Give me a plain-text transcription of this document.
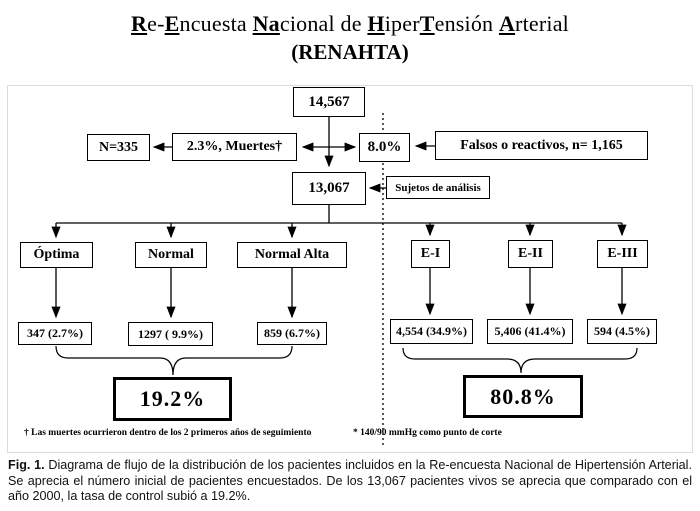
Re-Encuesta Nacional de HiperTensión Arterial
(RENAHTA)
14,567
N=335	2.3%, Muertes†	8.0%	Falsos o reactivos, n= 1,165
13,067	Sujetos de análisis
Óptima	Normal	Normal Alta	E-I	E-II	E-III
347 (2.7%)	1297 ( 9.9%)	859 (6.7%)	4,554 (34.9%)	5,406 (41.4%)	594 (4.5%)
19.2%	80.8%
† Las muertes ocurrieron dentro de los 2 primeros años de seguimiento	* 140/90 mmHg como punto de corte
Fig. 1. Diagrama de flujo de la distribución de los pacientes incluidos en la Re-encuesta Nacional de Hipertensión Arterial. Se aprecia el número inicial de pacientes encuestados. De los 13,067 pacientes vivos se aprecia que comparado con el año 2000, la tasa de control subió a 19.2%.
